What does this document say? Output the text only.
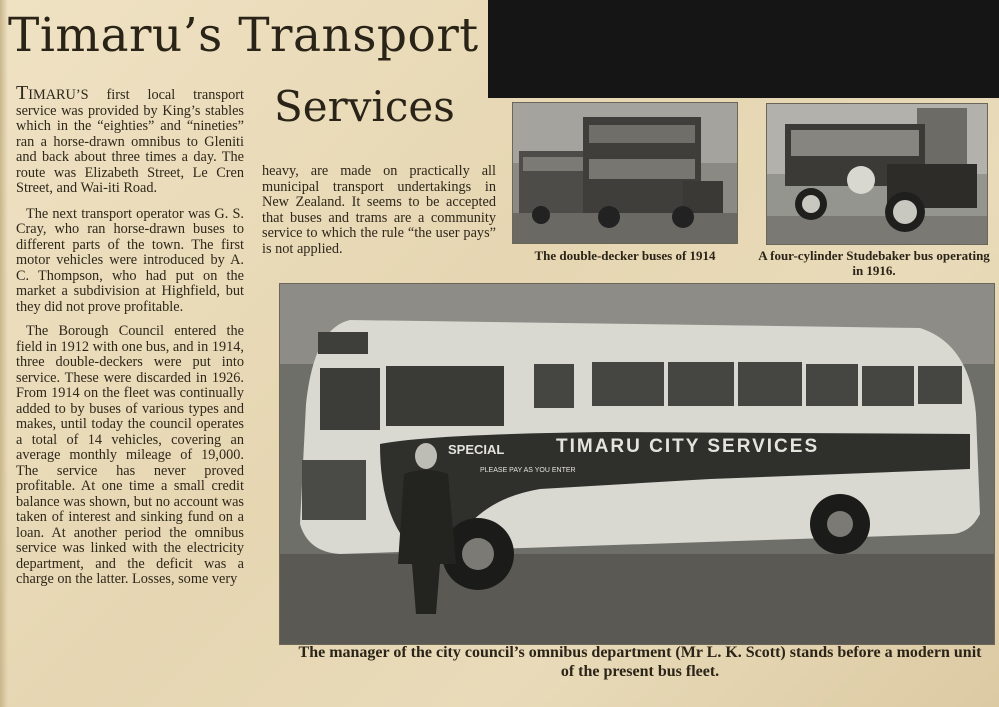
Timaru’s Transport
Services

TIMARU’S first local transport service was provided by King’s stables which in the “eighties” and “nineties” ran a horse-drawn omnibus to Gleniti and back about three times a day. The route was Elizabeth Street, Le Cren Street, and Wai-iti Road.

The next transport operator was G. S. Cray, who ran horse-drawn buses to different parts of the town. The first motor vehicles were introduced by A. C. Thompson, who had put on the market a subdivision at Highfield, but they did not prove profitable.

The Borough Council entered the field in 1912 with one bus, and in 1914, three double-deckers were put into service. These were discarded in 1926. From 1914 on the fleet was continually added to by buses of various types and makes, until today the council operates a total of 14 vehicles, covering an average monthly mileage of 19,000. The service has never proved profitable. At one time a small credit balance was shown, but no account was taken of interest and sinking fund on a loan. At another period the omnibus service was linked with the electricity department, and the deficit was a charge on the latter. Losses, some very

heavy, are made on practically all municipal transport undertakings in New Zealand. It seems to be accepted that buses and trams are a community service to which the rule “the user pays” is not applied.	The double-decker buses of 1914	A four-cylinder Studebaker bus operating in 1916.
SPECIAL	TIMARU CITY SERVICES
PLEASE PAY AS YOU ENTER
The manager of the city council’s omnibus department (Mr L. K. Scott) stands before a modern unit of the present bus fleet.
